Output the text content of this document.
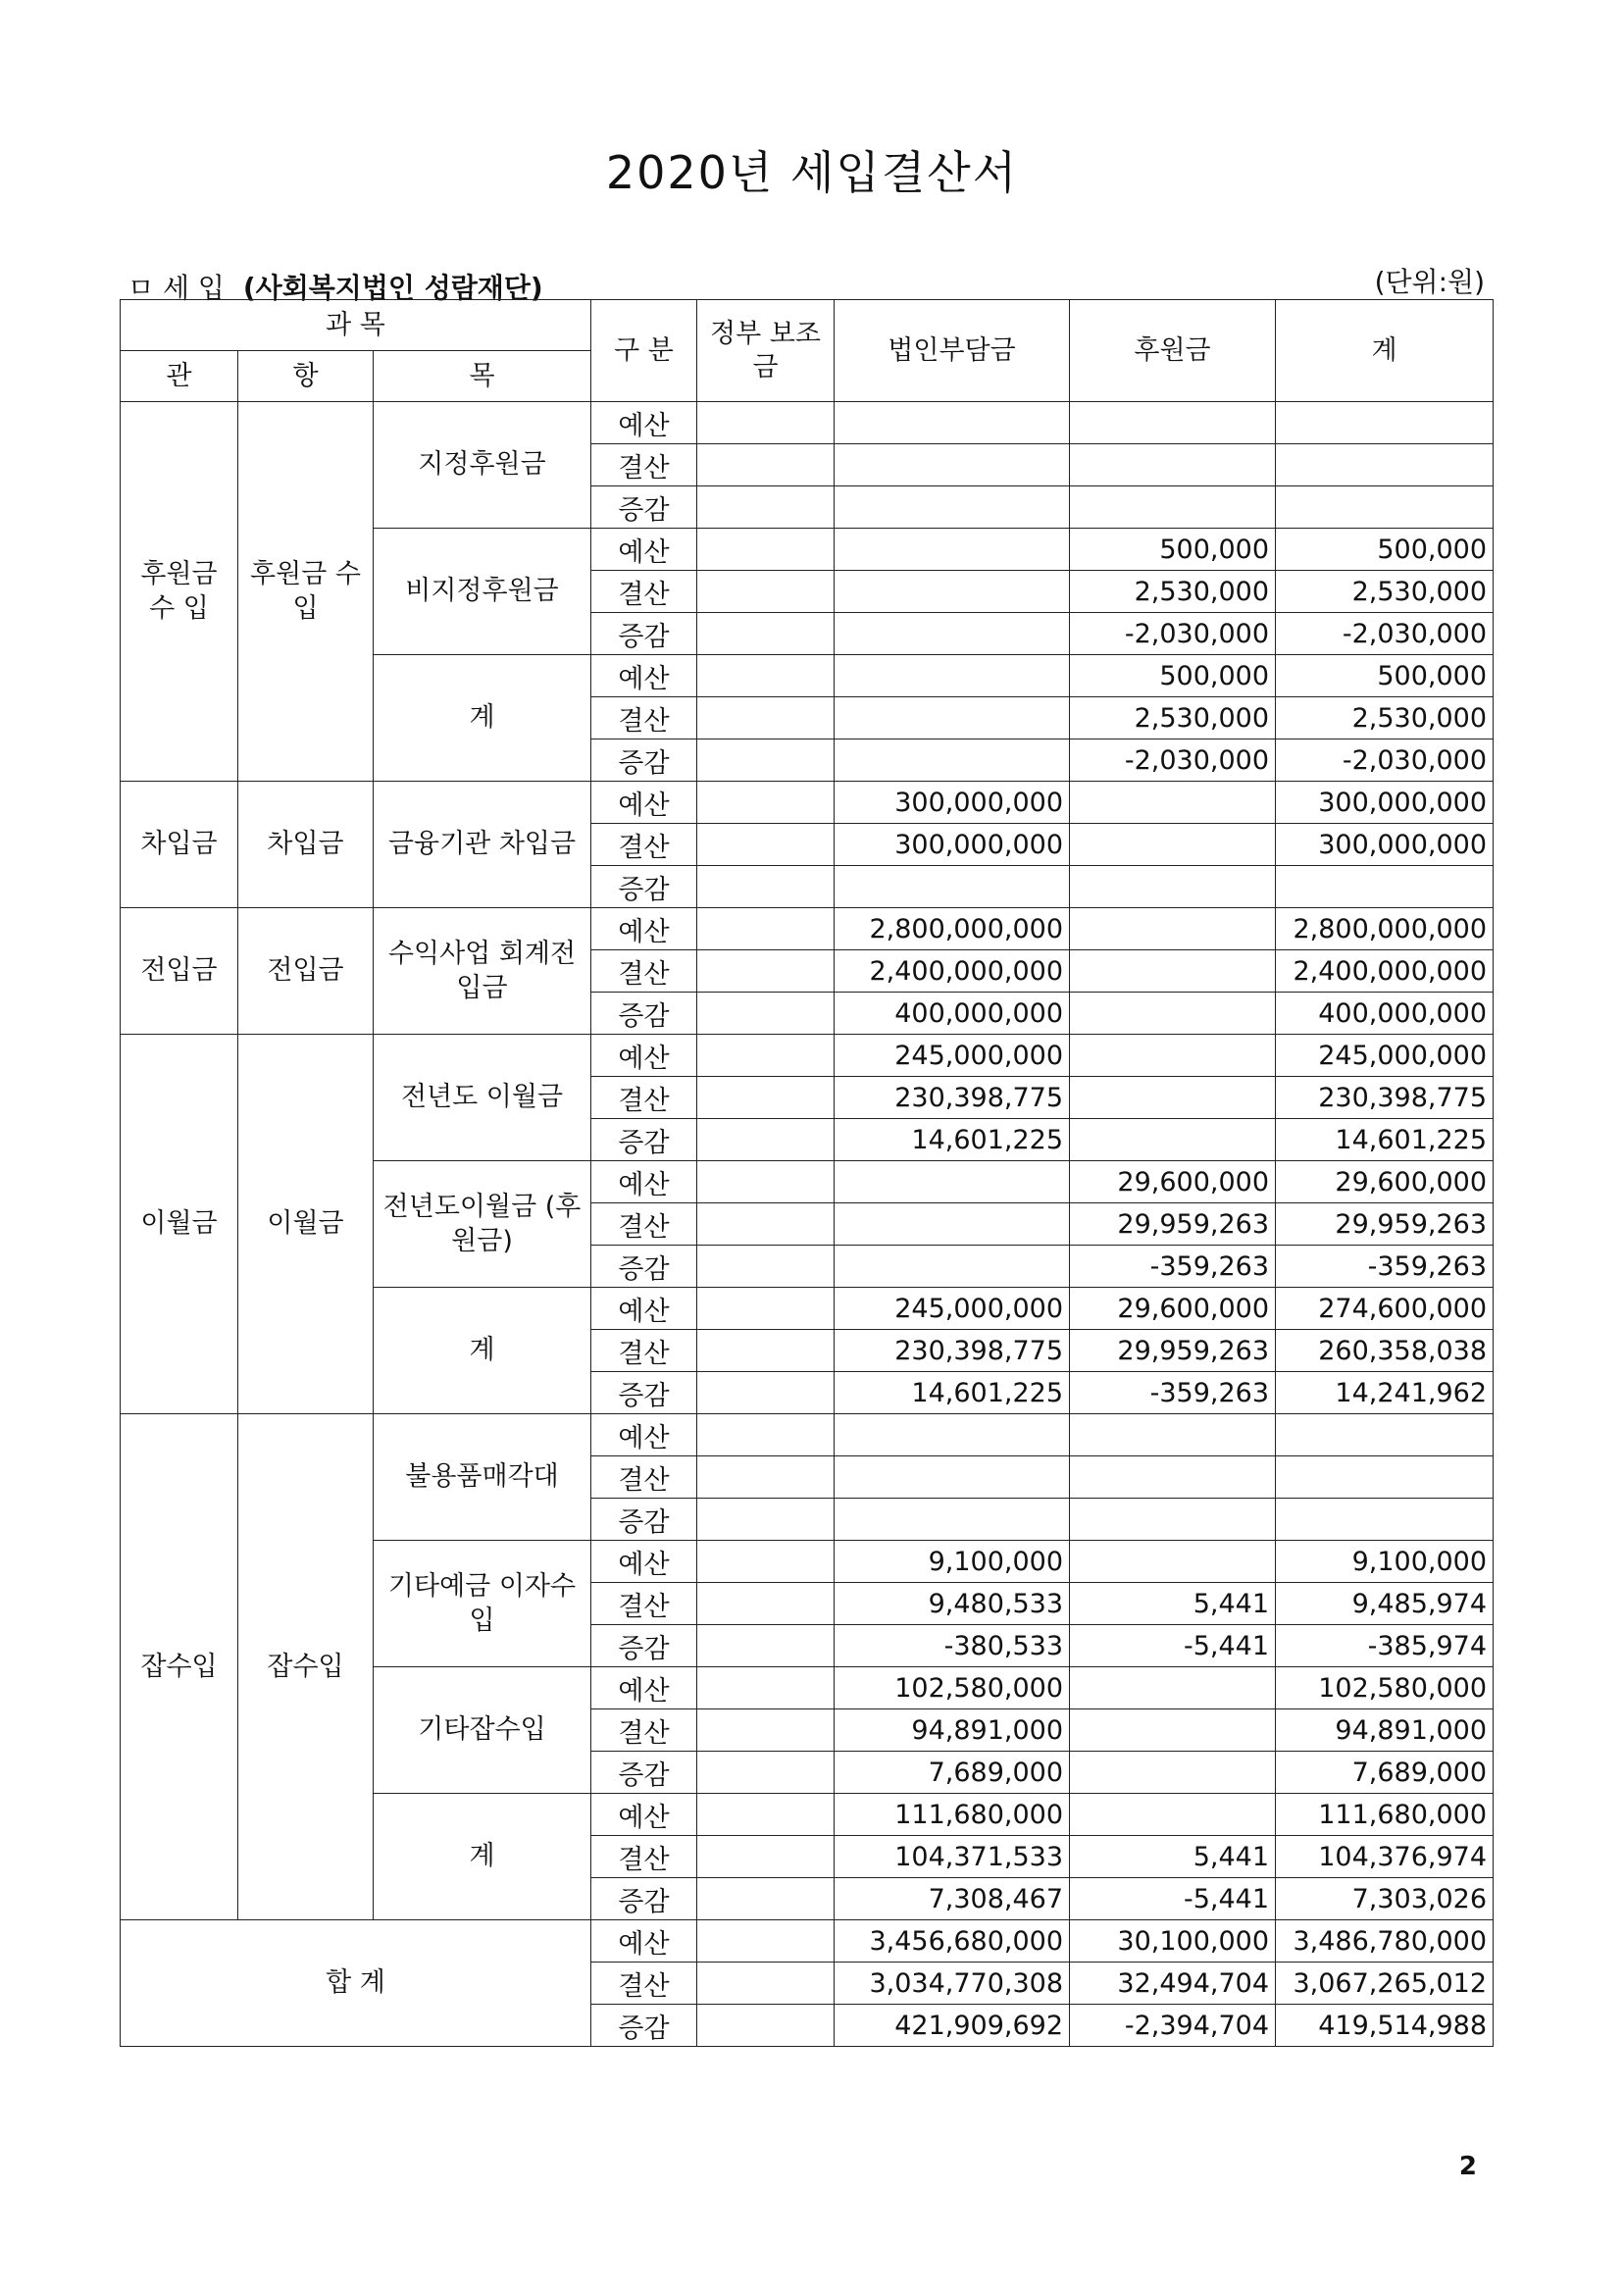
2020년 세입결산서
ㅁ 세 입 (사회복지법인 성람재단)	(단위:원)
과 목			구 분	정부 보조금	법인부담금	후원금	계
관	항	목					
후원금 수 입	후원금 수 입	지정후원금	예산				
			결산				
			증감				
		비지정후원금	예산			500,000	500,000
			결산			2,530,000	2,530,000
			증감			-2,030,000	-2,030,000
		계	예산			500,000	500,000
			결산			2,530,000	2,530,000
			증감			-2,030,000	-2,030,000
차입금	차입금	금융기관 차입금	예산		300,000,000		300,000,000
			결산		300,000,000		300,000,000
			증감				
전입금	전입금	수익사업 회계전입금	예산		2,800,000,000		2,800,000,000
			결산		2,400,000,000		2,400,000,000
			증감		400,000,000		400,000,000
이월금	이월금	전년도 이월금	예산		245,000,000		245,000,000
			결산		230,398,775		230,398,775
			증감		14,601,225		14,601,225
		전년도이월금 (후원금)	예산			29,600,000	29,600,000
			결산			29,959,263	29,959,263
			증감			-359,263	-359,263
		계	예산		245,000,000	29,600,000	274,600,000
			결산		230,398,775	29,959,263	260,358,038
			증감		14,601,225	-359,263	14,241,962
잡수입	잡수입	불용품매각대	예산				
			결산				
			증감				
		기타예금 이자수입	예산		9,100,000		9,100,000
			결산		9,480,533	5,441	9,485,974
			증감		-380,533	-5,441	-385,974
		기타잡수입	예산		102,580,000		102,580,000
			결산		94,891,000		94,891,000
			증감		7,689,000		7,689,000
		계	예산		111,680,000		111,680,000
			결산		104,371,533	5,441	104,376,974
			증감		7,308,467	-5,441	7,303,026
합 계			예산		3,456,680,000	30,100,000	3,486,780,000
			결산		3,034,770,308	32,494,704	3,067,265,012
			증감		421,909,692	-2,394,704	419,514,988
2
